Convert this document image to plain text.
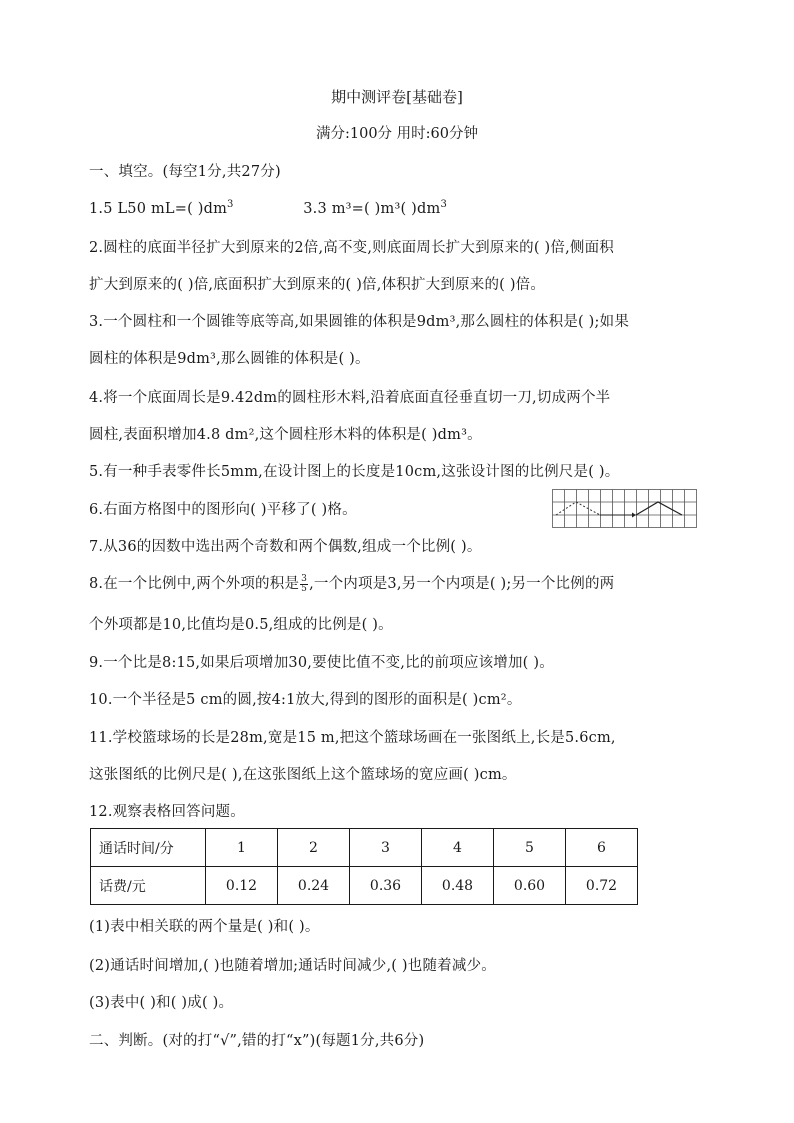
期中测评卷[基础卷]
满分:100分 用时:60分钟
一、填空。(每空1分,共27分)
1.5 L50 mL=( )$dm^3$	3.3 m³=( )m³( )$dm^3$
2.圆柱的底面半径扩大到原来的2倍,高不变,则底面周长扩大到原来的( )倍,侧面积
扩大到原来的( )倍,底面积扩大到原来的( )倍,体积扩大到原来的( )倍。
3.一个圆柱和一个圆锥等底等高,如果圆锥的体积是9dm³,那么圆柱的体积是( );如果
圆柱的体积是9dm³,那么圆锥的体积是( )。
4.将一个底面周长是9.42dm的圆柱形木料,沿着底面直径垂直切一刀,切成两个半
圆柱,表面积增加4.8 dm²,这个圆柱形木料的体积是( )dm³。
5.有一种手表零件长5mm,在设计图上的长度是10cm,这张设计图的比例尺是( )。
6.右面方格图中的图形向( )平移了( )格。
7.从36的因数中选出两个奇数和两个偶数,组成一个比例( )。
8.在一个比例中,两个外项的积是 $\frac{3}{5}$ ,一个内项是3,另一个内项是( );另一个比例的两
个外项都是10,比值均是0.5,组成的比例是( )。
9.一个比是8:15,如果后项增加30,要使比值不变,比的前项应该增加( )。
10.一个半径是5 cm的圆,按4:1放大,得到的图形的面积是( )cm²。
11.学校篮球场的长是28m,宽是15 m,把这个篮球场画在一张图纸上,长是5.6cm,
这张图纸的比例尺是( ),在这张图纸上这个篮球场的宽应画( )cm。
12.观察表格回答问题。
通话时间/分	1	2	3	4	5	6
话费/元	0.12	0.24	0.36	0.48	0.60	0.72
(1)表中相关联的两个量是( )和( )。
(2)通话时间增加,( )也随着增加;通话时间减少,( )也随着减少。
(3)表中( )和( )成( )。
二、判断。(对的打“√”,错的打“x”)(每题1分,共6分)
